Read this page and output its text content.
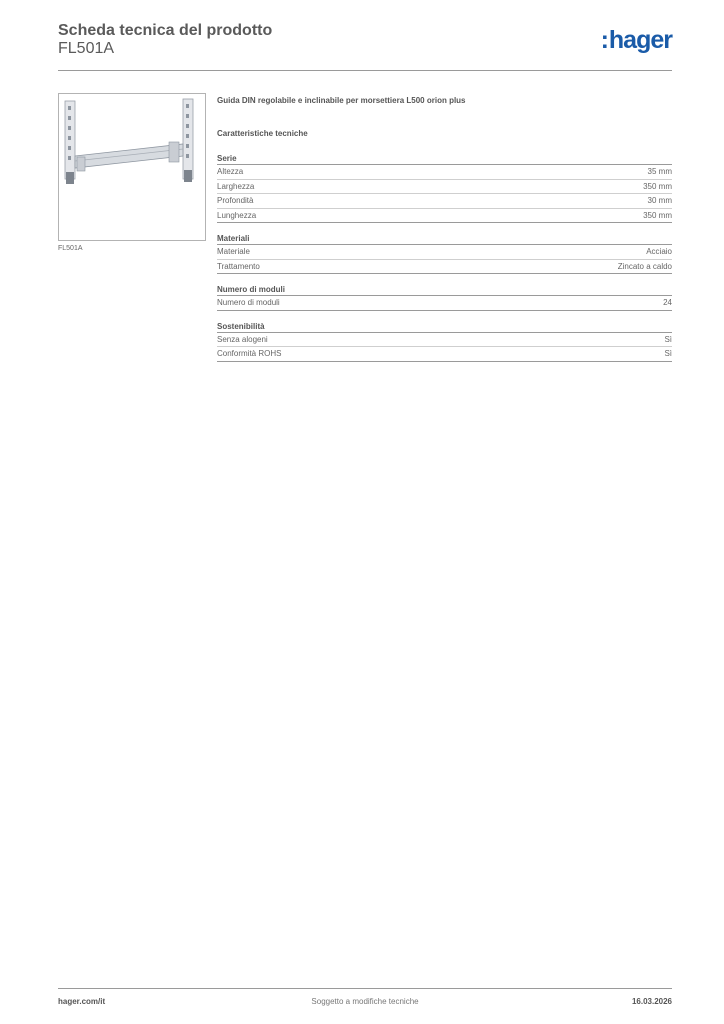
Scheda tecnica del prodotto
FL501A	:hager
FL501A
Guida DIN regolabile e inclinabile per morsettiera L500 orion plus
Caratteristiche tecniche
Serie
Altezza	35 mm
Larghezza	350 mm
Profondità	30 mm
Lunghezza	350 mm
Materiali
Materiale	Acciaio
Trattamento	Zincato a caldo
Numero di moduli
Numero di moduli	24
Sostenibilità
Senza alogeni	Sì
Conformità ROHS	Sì
hager.com/it	Soggetto a modifiche tecniche	16.03.2026
